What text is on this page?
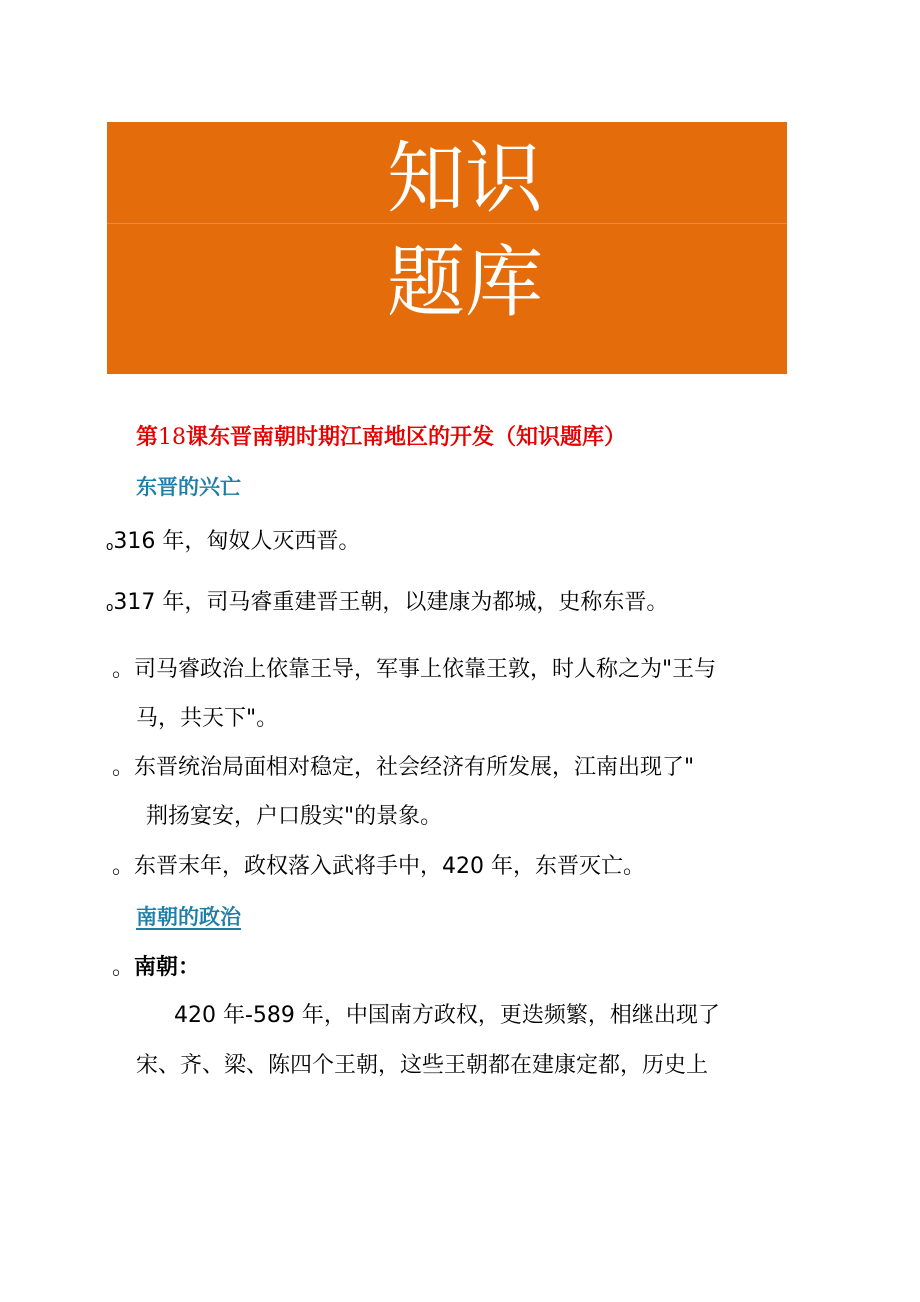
知识
题库
第18课东晋南朝时期江南地区的开发（知识题库）
东晋的兴亡
o316 年，匈奴人灭西晋。
o317 年，司马睿重建晋王朝，以建康为都城，史称东晋。
。司马睿政治上依靠王导，军事上依靠王敦，时人称之为"王与
马，共天下"。
。东晋统治局面相对稳定，社会经济有所发展，江南出现了"
荆扬宴安，户口殷实"的景象。
。东晋末年，政权落入武将手中，420 年，东晋灭亡。
南朝的政治
。南朝：
420 年-589 年，中国南方政权，更迭频繁，相继出现了
宋、齐、梁、陈四个王朝，这些王朝都在建康定都，历史上
